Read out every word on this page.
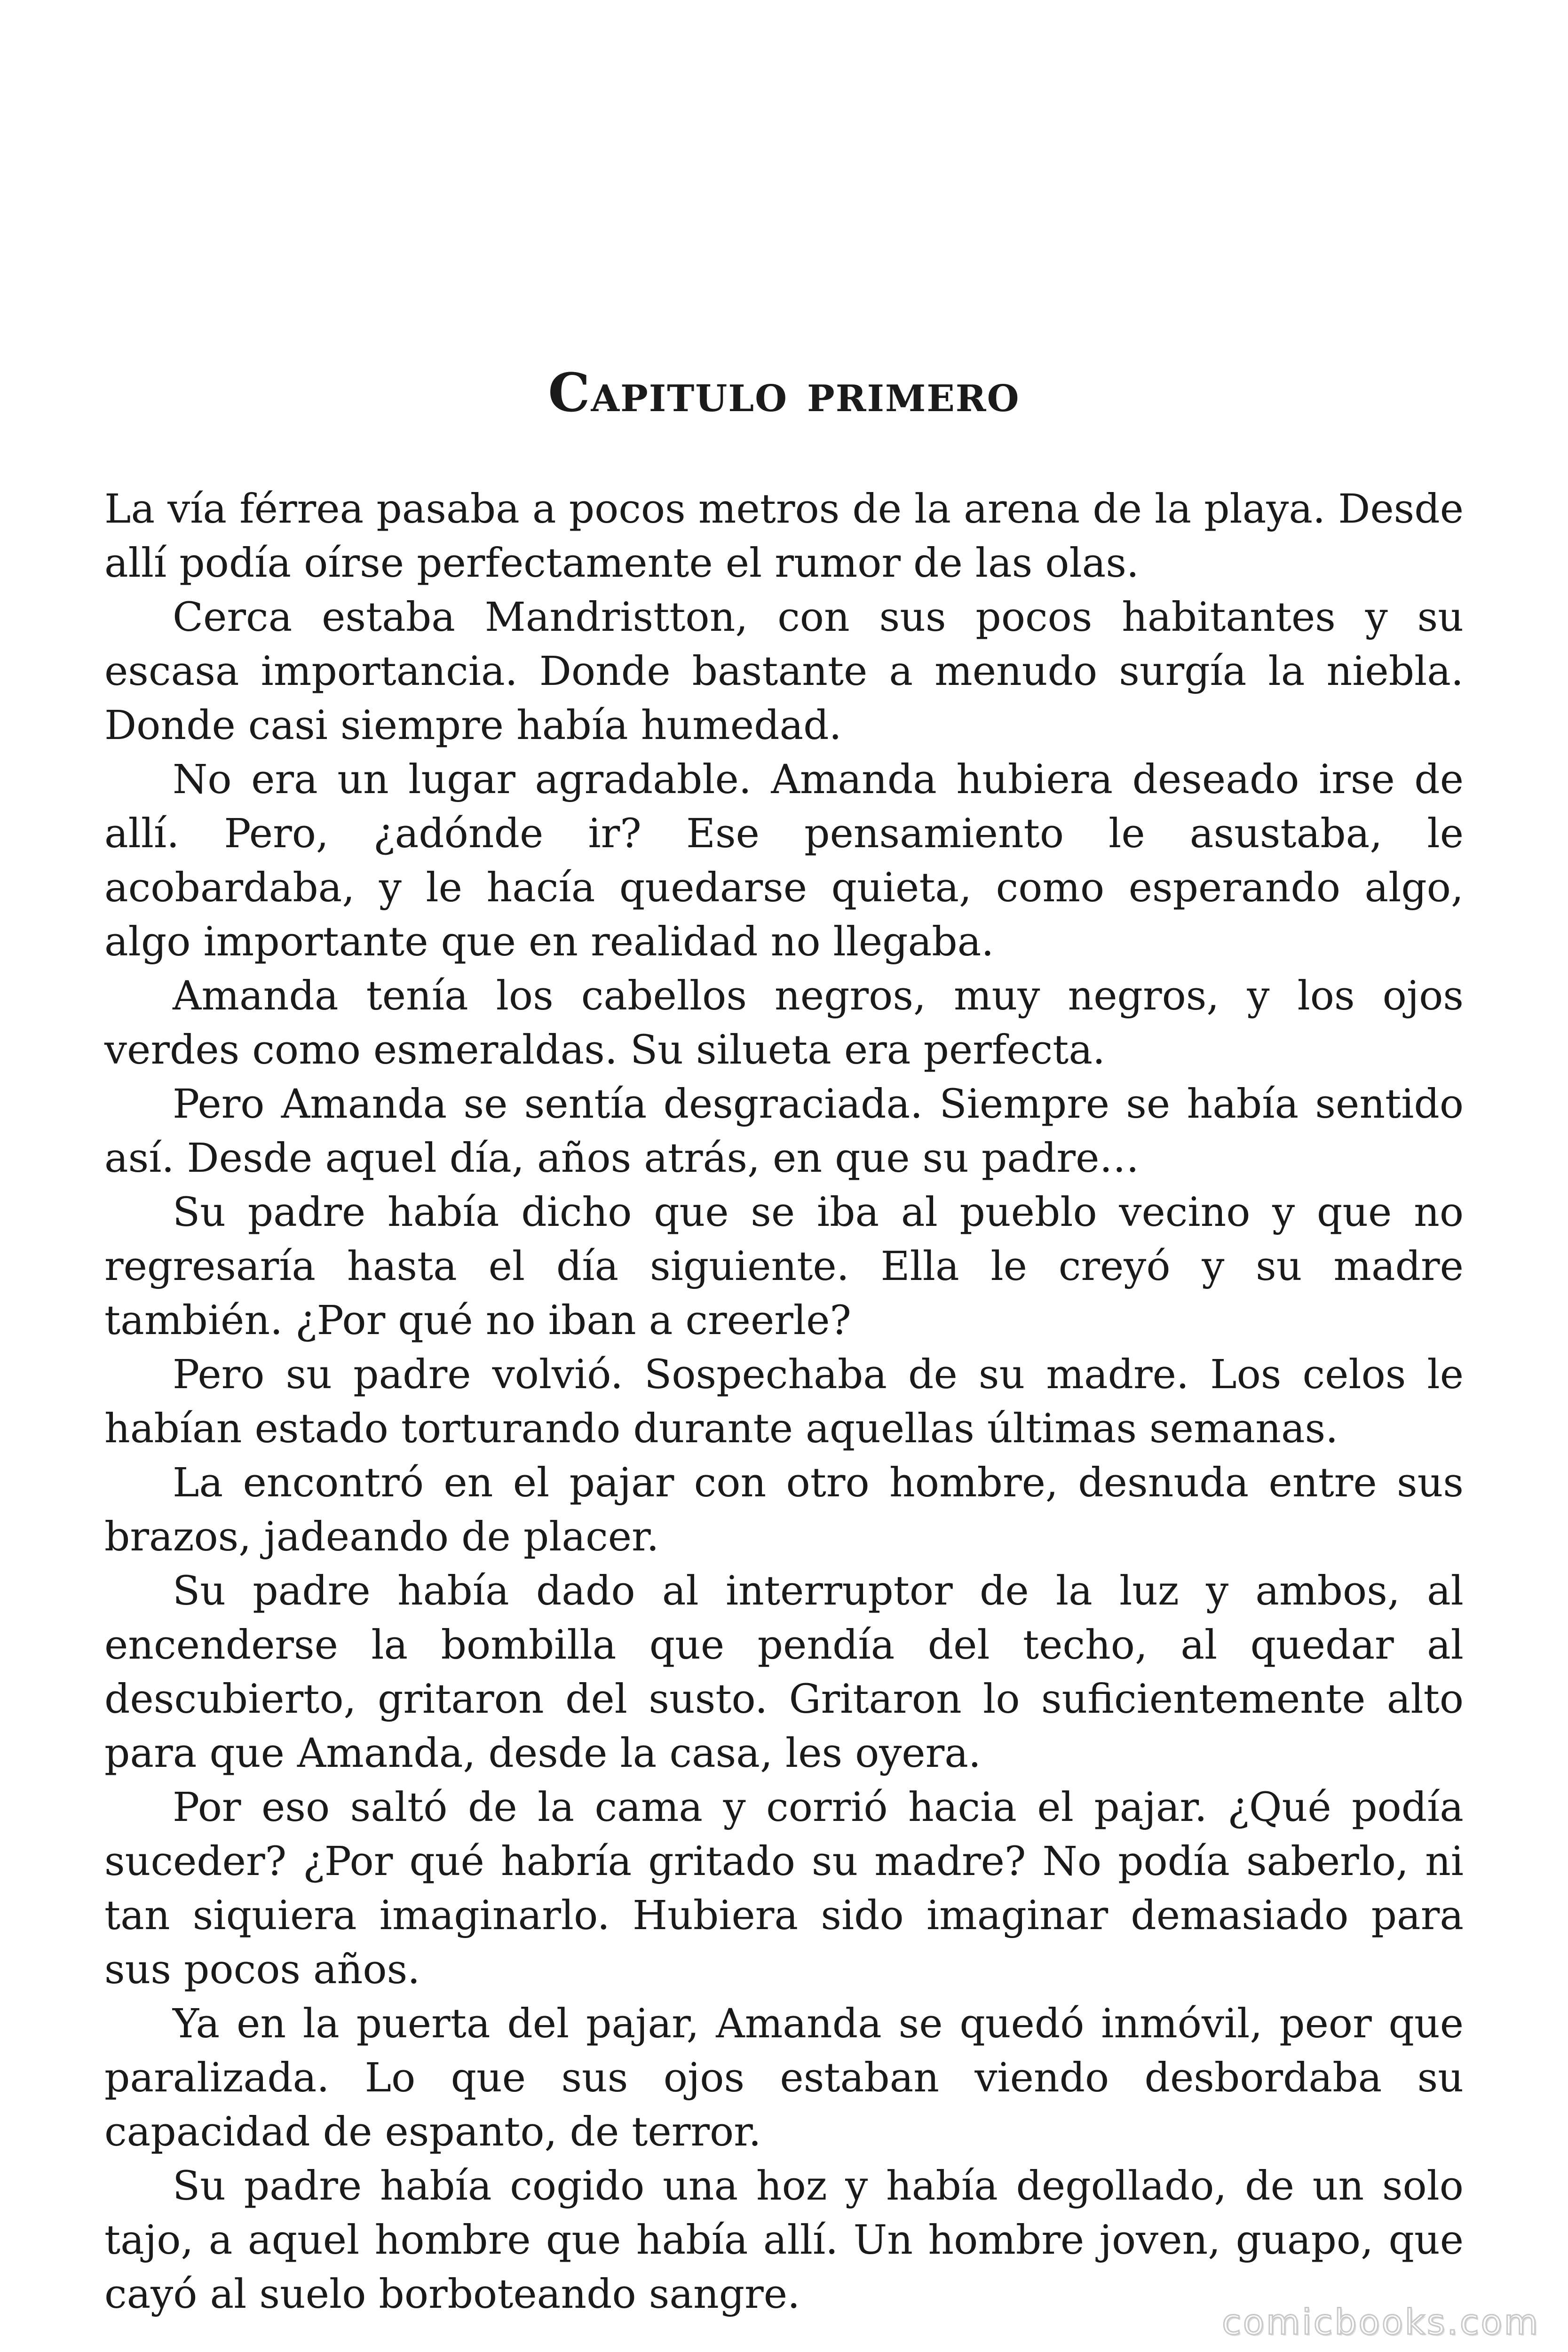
Capitulo primero

La vía férrea pasaba a pocos metros de la arena de la playa. Desde allí podía oírse perfectamente el rumor de las olas.

Cerca estaba Mandristton, con sus pocos habitantes y su escasa importancia. Donde bastante a menudo surgía la niebla. Donde casi siempre había humedad.

No era un lugar agradable. Amanda hubiera deseado irse de allí. Pero, ¿adónde ir? Ese pensamiento le asustaba, le acobardaba, y le hacía quedarse quieta, como esperando algo, algo importante que en realidad no llegaba.

Amanda tenía los cabellos negros, muy negros, y los ojos verdes como esmeraldas. Su silueta era perfecta.

Pero Amanda se sentía desgraciada. Siempre se había sentido así. Desde aquel día, años atrás, en que su padre…

Su padre había dicho que se iba al pueblo vecino y que no regresaría hasta el día siguiente. Ella le creyó y su madre también. ¿Por qué no iban a creerle?

Pero su padre volvió. Sospechaba de su madre. Los celos le habían estado torturando durante aquellas últimas semanas.

La encontró en el pajar con otro hombre, desnuda entre sus brazos, jadeando de placer.

Su padre había dado al interruptor de la luz y ambos, al encenderse la bombilla que pendía del techo, al quedar al descubierto, gritaron del susto. Gritaron lo suficientemente alto para que Amanda, desde la casa, les oyera.

Por eso saltó de la cama y corrió hacia el pajar. ¿Qué podía suceder? ¿Por qué habría gritado su madre? No podía saberlo, ni tan siquiera imaginarlo. Hubiera sido imaginar demasiado para sus pocos años.

Ya en la puerta del pajar, Amanda se quedó inmóvil, peor que paralizada. Lo que sus ojos estaban viendo desbordaba su capacidad de espanto, de terror.

Su padre había cogido una hoz y había degollado, de un solo tajo, a aquel hombre que había allí. Un hombre joven, guapo, que cayó al suelo borboteando sangre.

comicbooks.com
